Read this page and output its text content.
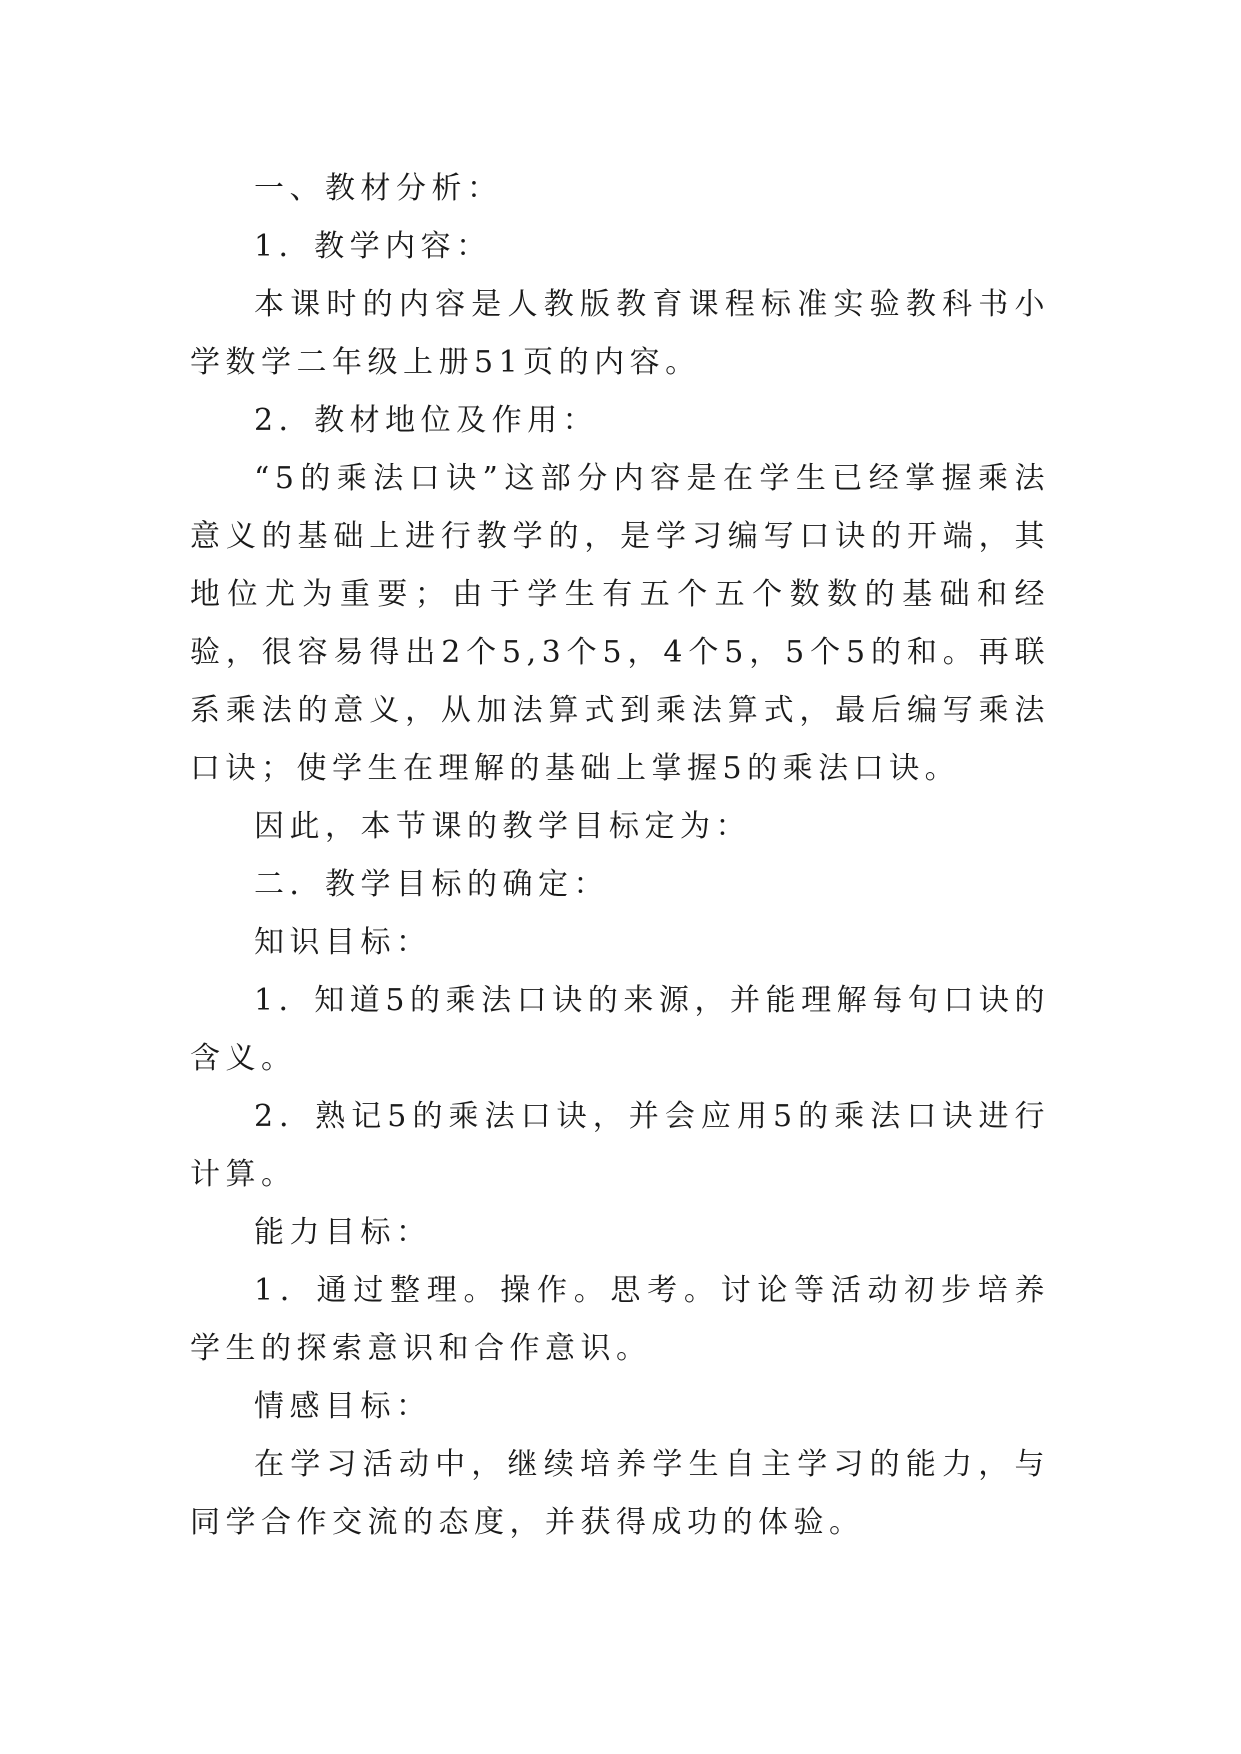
一、教材分析：

1．教学内容：

本课时的内容是人教版教育课程标准实验教科书小学数学二年级上册51页的内容。

2．教材地位及作用：

“5的乘法口诀”这部分内容是在学生已经掌握乘法意义的基础上进行教学的，是学习编写口诀的开端，其地位尤为重要；由于学生有五个五个数数的基础和经验，很容易得出2个5,3个5，4个5，5个5的和。再联系乘法的意义，从加法算式到乘法算式，最后编写乘法口诀；使学生在理解的基础上掌握5的乘法口诀。

因此，本节课的教学目标定为：

二．教学目标的确定：

知识目标：

1．知道5的乘法口诀的来源，并能理解每句口诀的含义。

2．熟记5的乘法口诀，并会应用5的乘法口诀进行计算。

能力目标：

1．通过整理。操作。思考。讨论等活动初步培养学生的探索意识和合作意识。

情感目标：

在学习活动中，继续培养学生自主学习的能力，与同学合作交流的态度，并获得成功的体验。
